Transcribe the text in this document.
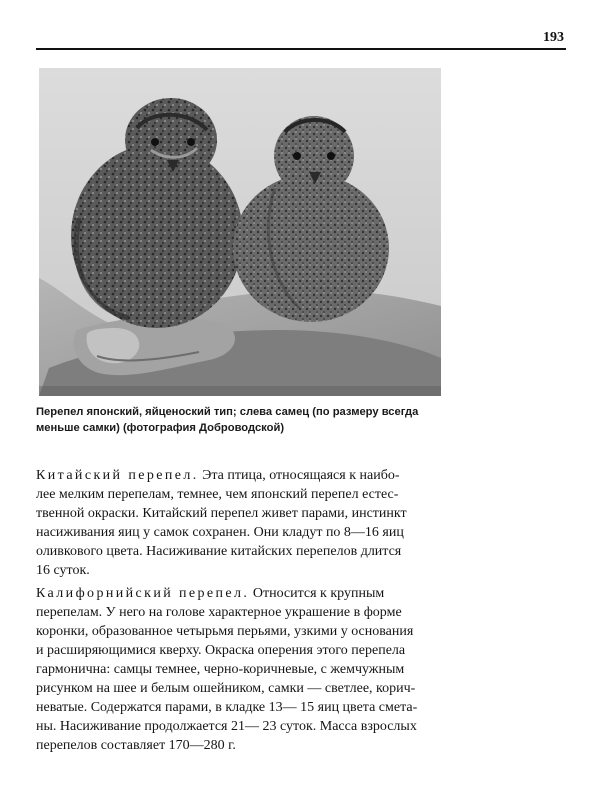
193
Перепел японский, яйценоский тип; слева самец (по размеру всегда
меньше самки) (фотография Доброводской)
Китайский перепел. Эта птица, относящаяся к наибо-
лее мелким перепелам, темнее, чем японский перепел естес-
твенной окраски. Китайский перепел живет парами, инстинкт
насиживания яиц у самок сохранен. Они кладут по 8—16 яиц
оливкового цвета. Насиживание китайских перепелов длится
16 суток.
Калифорнийский перепел. Относится к крупным
перепелам. У него на голове характерное украшение в форме
коронки, образованное четырьмя перьями, узкими у основания
и расширяющимися кверху. Окраска оперения этого перепела
гармонична: самцы темнее, черно-коричневые, с жемчужным
рисунком на шее и белым ошейником, самки — светлее, корич-
неватые. Содержатся парами, в кладке 13— 15 яиц цвета смета-
ны. Насиживание продолжается 21— 23 суток. Масса взрослых
перепелов составляет 170—280 г.
